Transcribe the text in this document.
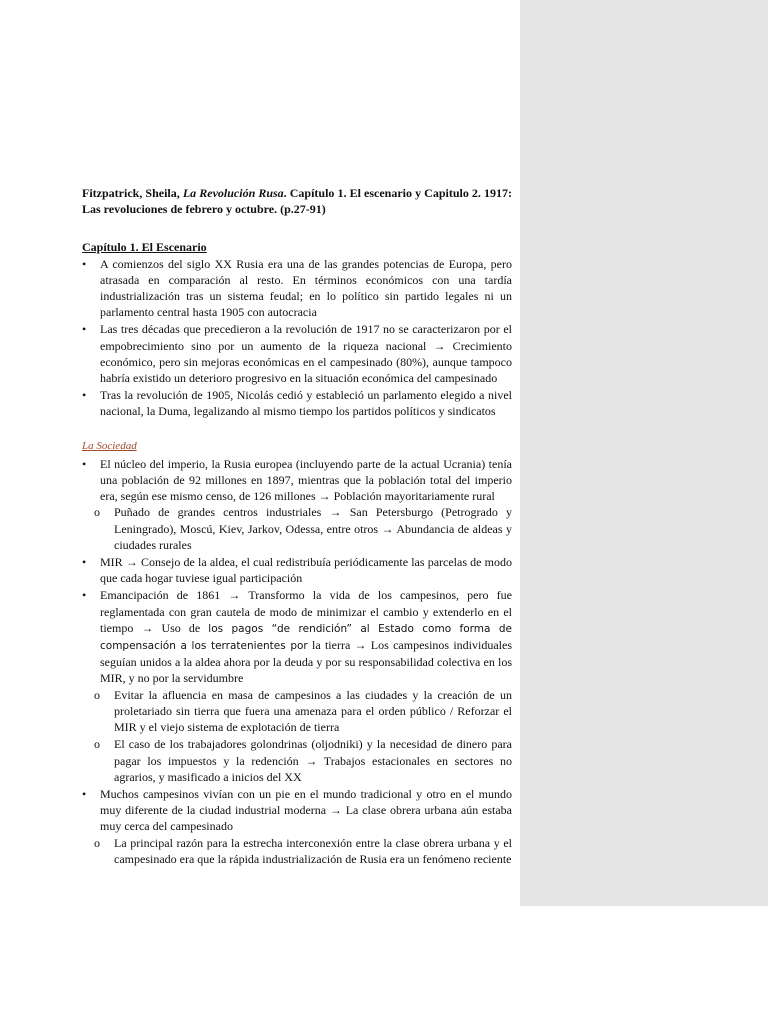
Fitzpatrick, Sheila, La Revolución Rusa. Capítulo 1. El escenario y Capitulo 2. 1917: Las revoluciones de febrero y octubre. (p.27-91)

Capítulo 1. El Escenario

•	A comienzos del siglo XX Rusia era una de las grandes potencias de Europa, pero atrasada en comparación al resto. En términos económicos con una tardía industrialización tras un sistema feudal; en lo político sin partido legales ni un parlamento central hasta 1905 con autocracia
•	Las tres décadas que precedieron a la revolución de 1917 no se caracterizaron por el empobrecimiento sino por un aumento de la riqueza nacional → Crecimiento económico, pero sin mejoras económicas en el campesinado (80%), aunque tampoco habría existido un deterioro progresivo en la situación económica del campesinado
•	Tras la revolución de 1905, Nicolás cedió y estableció un parlamento elegido a nivel nacional, la Duma, legalizando al mismo tiempo los partidos políticos y sindicatos

La Sociedad

•	El núcleo del imperio, la Rusia europea (incluyendo parte de la actual Ucrania) tenía una población de 92 millones en 1897, mientras que la población total del imperio era, según ese mismo censo, de 126 millones → Población mayoritariamente rural
o	Puñado de grandes centros industriales → San Petersburgo (Petrogrado y Leningrado), Moscú, Kiev, Jarkov, Odessa, entre otros → Abundancia de aldeas y ciudades rurales
•	MIR → Consejo de la aldea, el cual redistribuía periódicamente las parcelas de modo que cada hogar tuviese igual participación
•	Emancipación de 1861 → Transformo la vida de los campesinos, pero fue reglamentada con gran cautela de modo de minimizar el cambio y extenderlo en el tiempo → Uso de los pagos “de rendición” al Estado como forma de compensación a los terratenientes por la tierra → Los campesinos individuales seguían unidos a la aldea ahora por la deuda y por su responsabilidad colectiva en los MIR, y no por la servidumbre
o	Evitar la afluencia en masa de campesinos a las ciudades y la creación de un proletariado sin tierra que fuera una amenaza para el orden público / Reforzar el MIR y el viejo sistema de explotación de tierra
o	El caso de los trabajadores golondrinas (oljodniki) y la necesidad de dinero para pagar los impuestos y la redención → Trabajos estacionales en sectores no agrarios, y masificado a inicios del XX
•	Muchos campesinos vivían con un pie en el mundo tradicional y otro en el mundo muy diferente de la ciudad industrial moderna → La clase obrera urbana aún estaba muy cerca del campesinado
o	La principal razón para la estrecha interconexión entre la clase obrera urbana y el campesinado era que la rápida industrialización de Rusia era un fenómeno reciente
